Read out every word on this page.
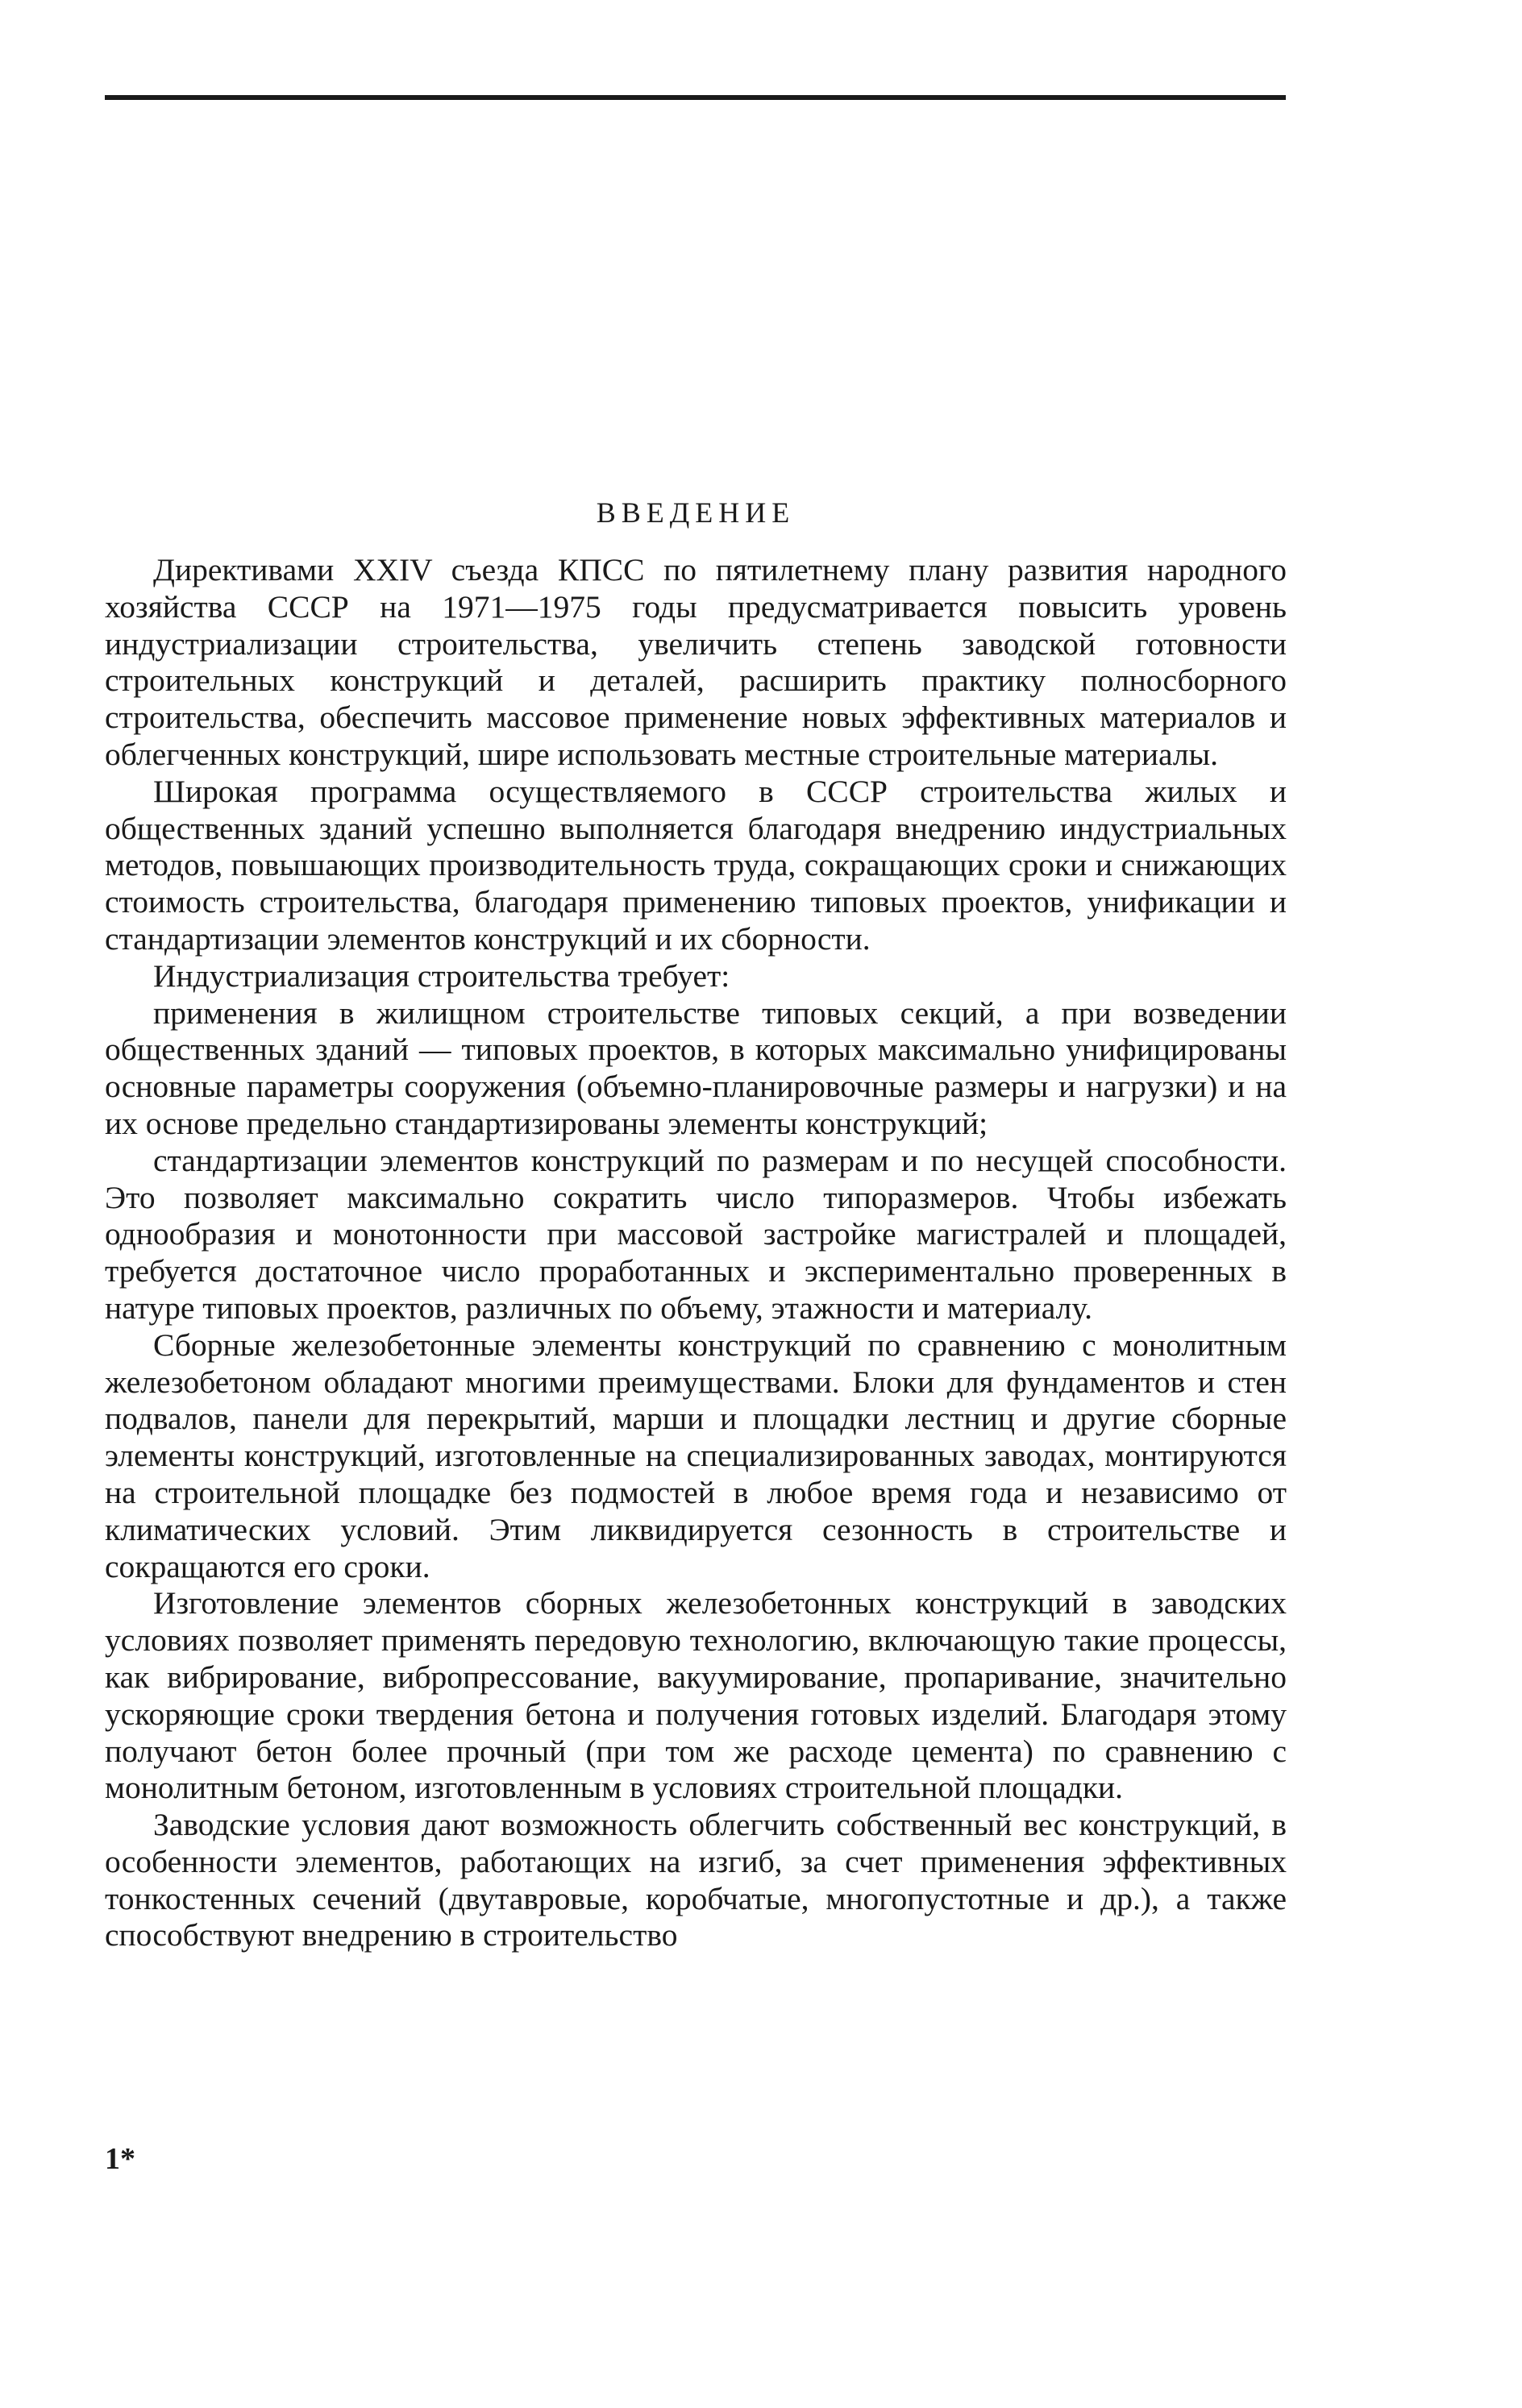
ВВЕДЕНИЕ

Директивами XXIV съезда КПСС по пятилетнему плану развития народного хозяйства СССР на 1971—1975 годы предусматривается повысить уровень индустриализации строительства, увеличить степень заводской готовности строительных конструкций и деталей, расширить практику полносборного строительства, обеспечить массовое применение новых эффективных материалов и облегченных конструкций, шире использовать местные строительные материалы.

Широкая программа осуществляемого в СССР строительства жилых и общественных зданий успешно выполняется благодаря внедрению индустриальных методов, повышающих производительность труда, сокращающих сроки и снижающих стоимость строительства, благодаря применению типовых проектов, унификации и стандартизации элементов конструкций и их сборности.

Индустриализация строительства требует:

применения в жилищном строительстве типовых секций, а при возведении общественных зданий — типовых проектов, в которых максимально унифицированы основные параметры сооружения (объемно-планировочные размеры и нагрузки) и на их основе предельно стандартизированы элементы конструкций;

стандартизации элементов конструкций по размерам и по несущей способности. Это позволяет максимально сократить число типоразмеров. Чтобы избежать однообразия и монотонности при массовой застройке магистралей и площадей, требуется достаточное число проработанных и экспериментально проверенных в натуре типовых проектов, различных по объему, этажности и материалу.

Сборные железобетонные элементы конструкций по сравнению с монолитным железобетоном обладают многими преимуществами. Блоки для фундаментов и стен подвалов, панели для перекрытий, марши и площадки лестниц и другие сборные элементы конструкций, изготовленные на специализированных заводах, монтируются на строительной площадке без подмостей в любое время года и независимо от климатических условий. Этим ликвидируется сезонность в строительстве и сокращаются его сроки.

Изготовление элементов сборных железобетонных конструкций в заводских условиях позволяет применять передовую технологию, включающую такие процессы, как вибрирование, вибропрессование, вакуумирование, пропаривание, значительно ускоряющие сроки твердения бетона и получения готовых изделий. Благодаря этому получают бетон более прочный (при том же расходе цемента) по сравнению с монолитным бетоном, изготовленным в условиях строительной площадки.

Заводские условия дают возможность облегчить собственный вес конструкций, в особенности элементов, работающих на изгиб, за счет применения эффективных тонкостенных сечений (двутавровые, коробчатые, многопустотные и др.), а также способствуют внедрению в строительство

1*
